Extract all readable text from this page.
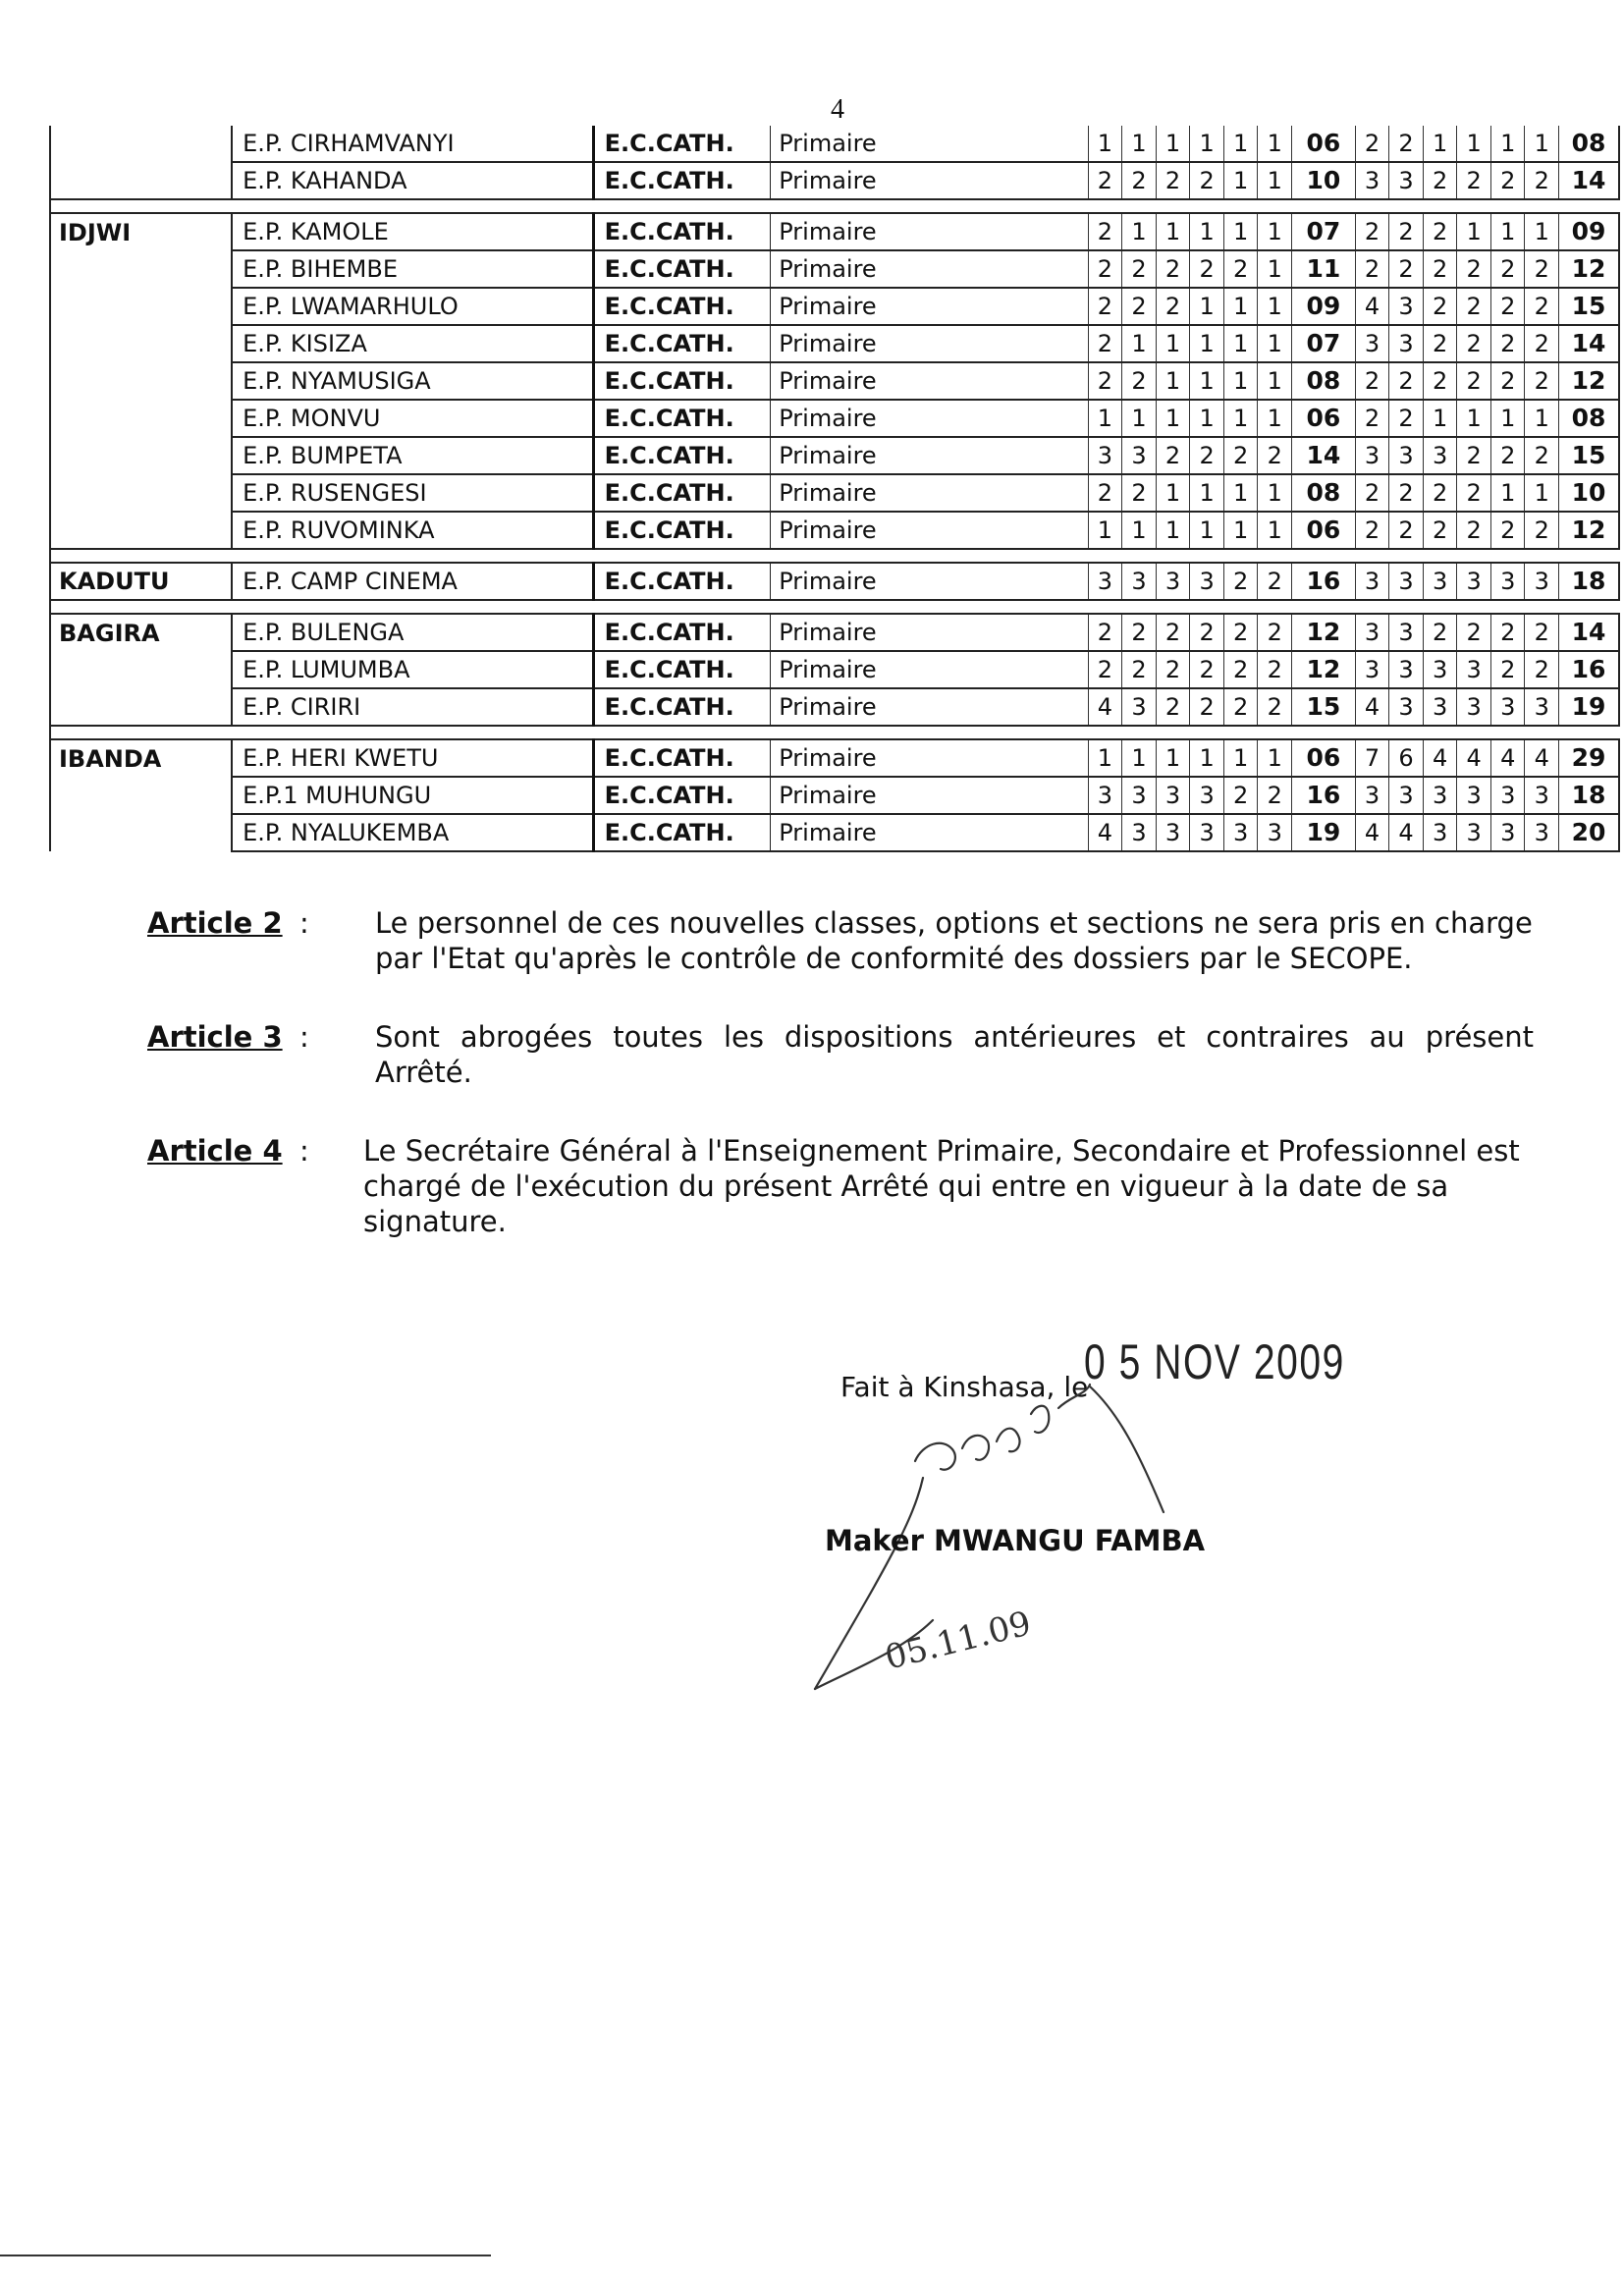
4
	E.P. CIRHAMVANYI	E.C.CATH.	Primaire		1	1	1	1	1	1	06	2	2	1	1	1	1	08
	E.P. KAHANDA	E.C.CATH.	Primaire		2	2	2	2	1	1	10	3	3	2	2	2	2	14

IDJWI	E.P. KAMOLE	E.C.CATH.	Primaire		2	1	1	1	1	1	07	2	2	2	1	1	1	09
	E.P. BIHEMBE	E.C.CATH.	Primaire		2	2	2	2	2	1	11	2	2	2	2	2	2	12
	E.P. LWAMARHULO	E.C.CATH.	Primaire		2	2	2	1	1	1	09	4	3	2	2	2	2	15
	E.P. KISIZA	E.C.CATH.	Primaire		2	1	1	1	1	1	07	3	3	2	2	2	2	14
	E.P. NYAMUSIGA	E.C.CATH.	Primaire		2	2	1	1	1	1	08	2	2	2	2	2	2	12
	E.P. MONVU	E.C.CATH.	Primaire		1	1	1	1	1	1	06	2	2	1	1	1	1	08
	E.P. BUMPETA	E.C.CATH.	Primaire		3	3	2	2	2	2	14	3	3	3	2	2	2	15
	E.P. RUSENGESI	E.C.CATH.	Primaire		2	2	1	1	1	1	08	2	2	2	2	1	1	10
	E.P. RUVOMINKA	E.C.CATH.	Primaire		1	1	1	1	1	1	06	2	2	2	2	2	2	12

KADUTU	E.P. CAMP CINEMA	E.C.CATH.	Primaire		3	3	3	3	2	2	16	3	3	3	3	3	3	18

BAGIRA	E.P. BULENGA	E.C.CATH.	Primaire		2	2	2	2	2	2	12	3	3	2	2	2	2	14
	E.P. LUMUMBA	E.C.CATH.	Primaire		2	2	2	2	2	2	12	3	3	3	3	2	2	16
	E.P. CIRIRI	E.C.CATH.	Primaire		4	3	2	2	2	2	15	4	3	3	3	3	3	19

IBANDA	E.P. HERI KWETU	E.C.CATH.	Primaire		1	1	1	1	1	1	06	7	6	4	4	4	4	29
	E.P.1 MUHUNGU	E.C.CATH.	Primaire		3	3	3	3	2	2	16	3	3	3	3	3	3	18
	E.P. NYALUKEMBA	E.C.CATH.	Primaire		4	3	3	3	3	3	19	4	4	3	3	3	3	20
Article 2 : Le personnel de ces nouvelles classes, options et sections ne sera pris en charge par l'Etat qu'après le contrôle de conformité des dossiers par le SECOPE.
Article 3 : Sont abrogées toutes les dispositions antérieures et contraires au présent Arrêté.
Article 4 : Le Secrétaire Général à l'Enseignement Primaire, Secondaire et Professionnel est chargé de l'exécution du présent Arrêté qui entre en vigueur à la date de sa signature.
Fait à Kinshasa, le
0 5 NOV 2009
05.11.09
Maker MWANGU FAMBA
